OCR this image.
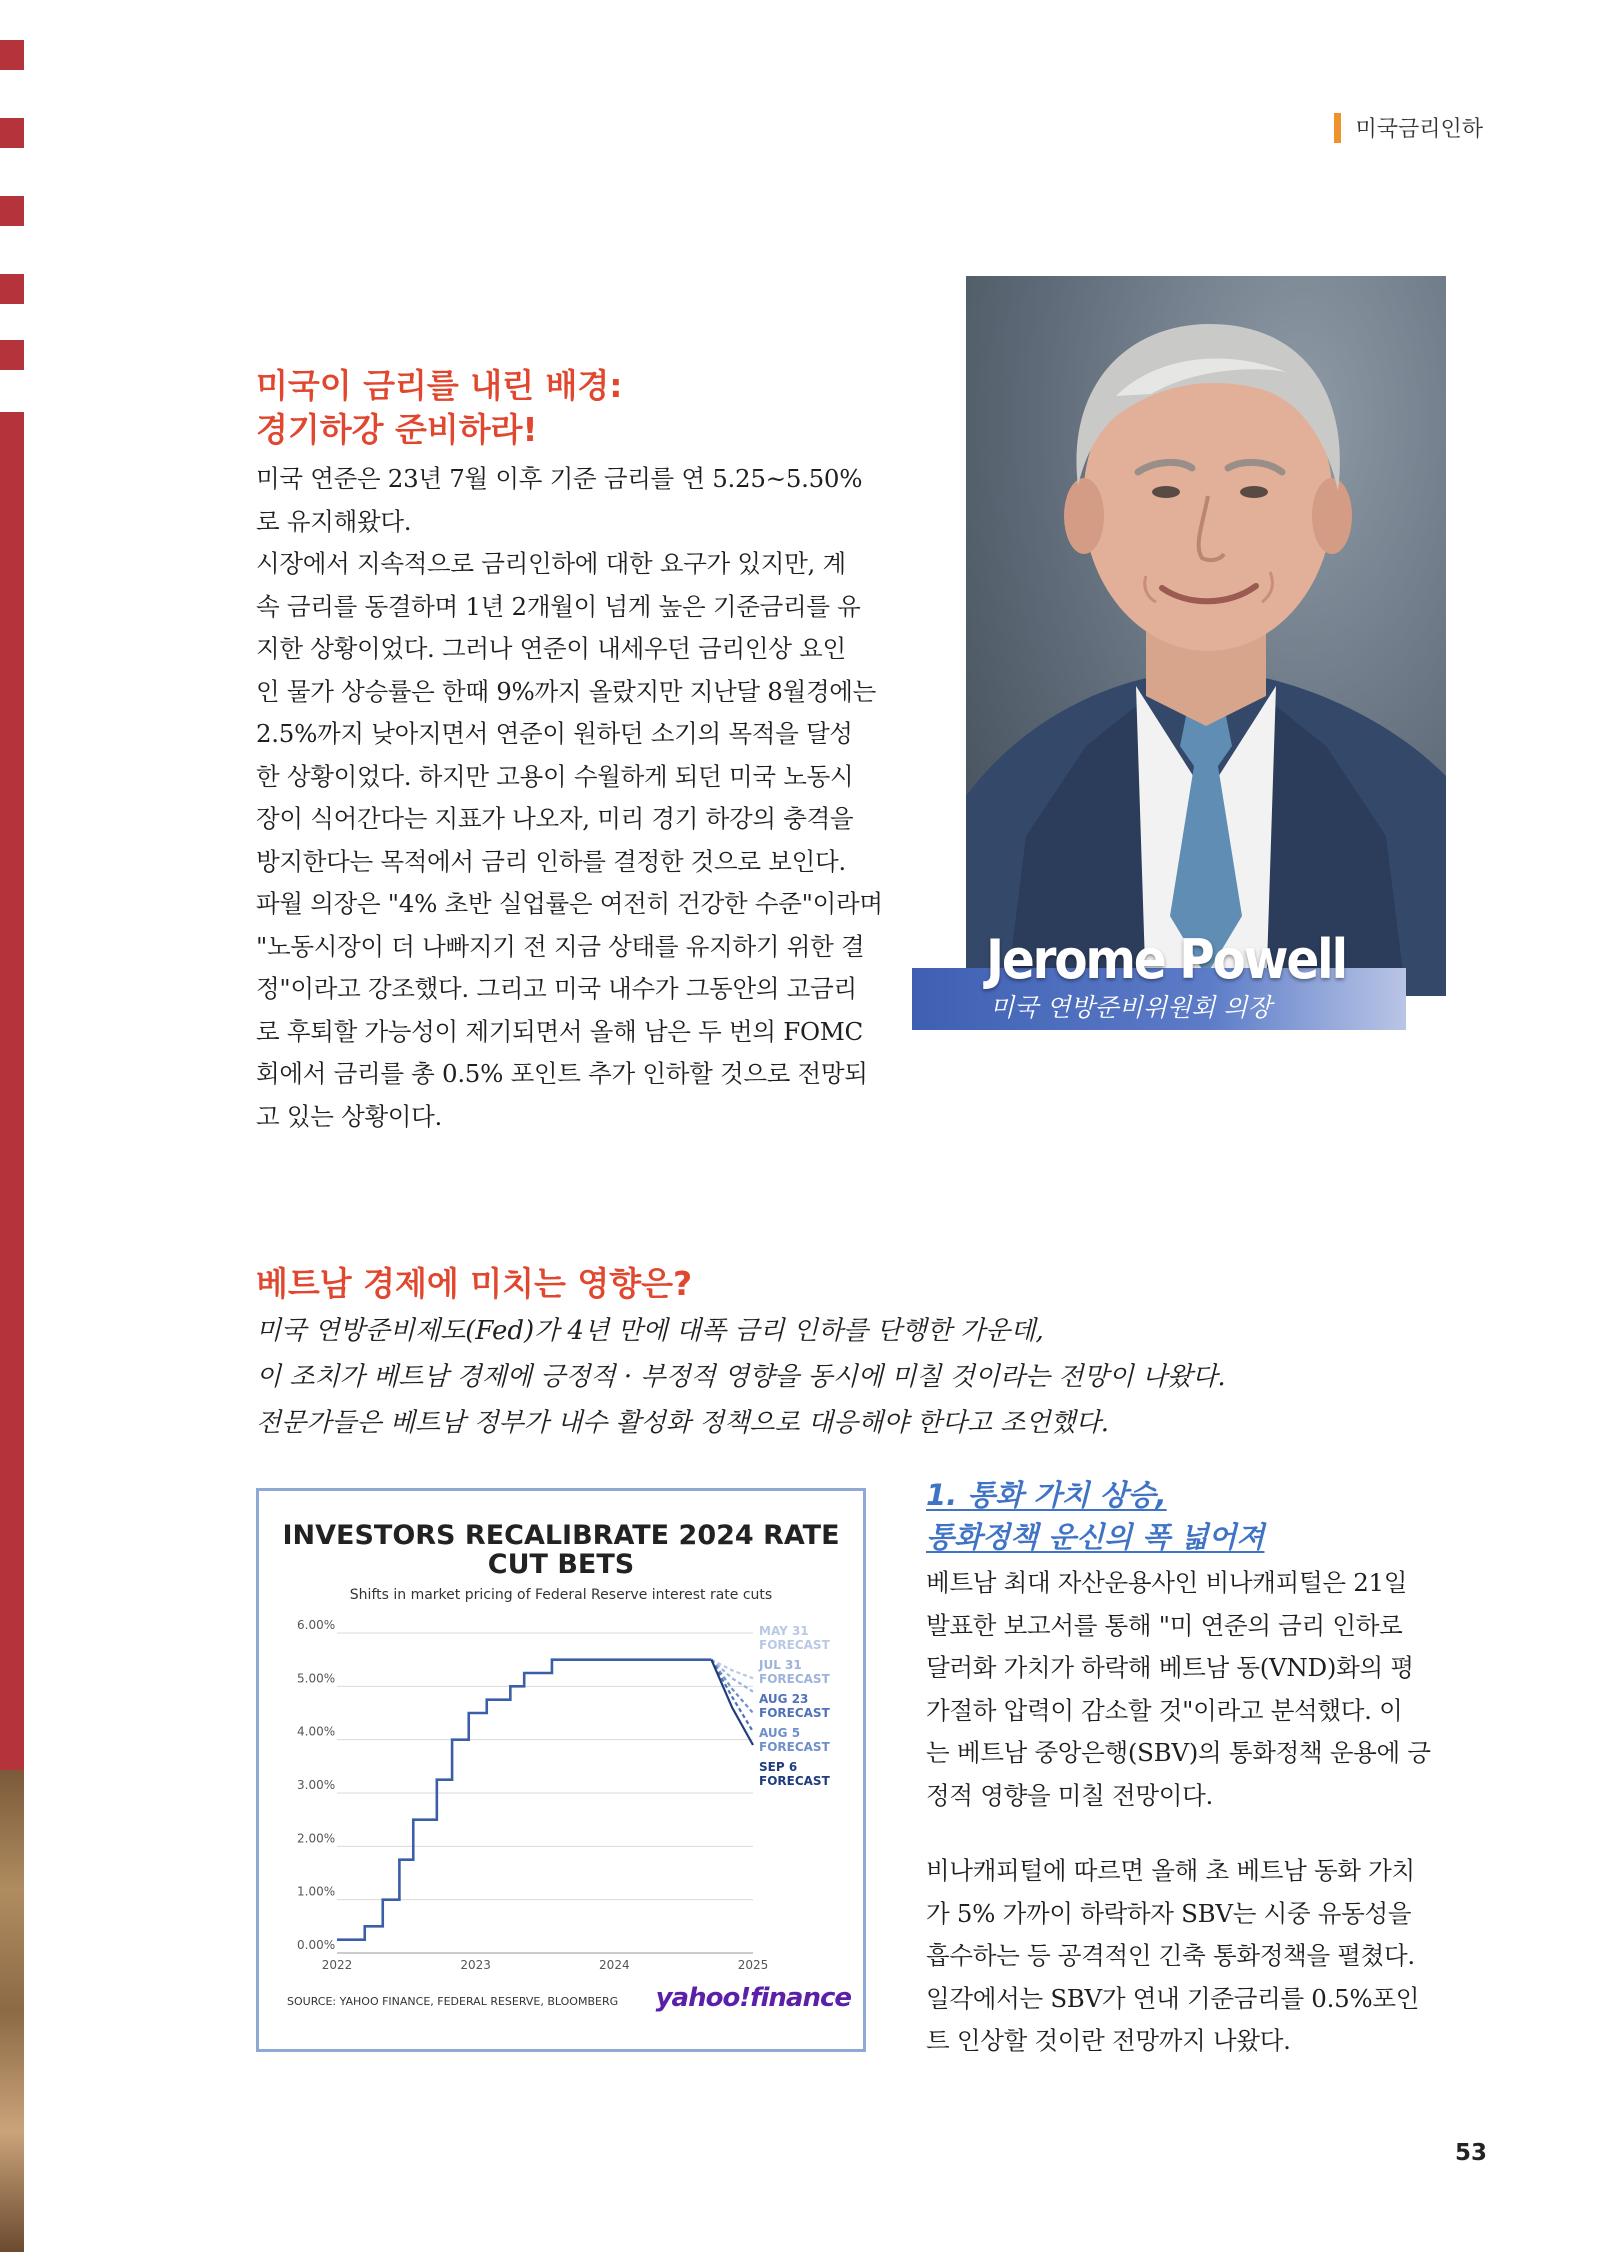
미국금리인하
미국이 금리를 내린 배경:
경기하강 준비하라!
미국 연준은 23년 7월 이후 기준 금리를 연 5.25~5.50%
로 유지해왔다.
시장에서 지속적으로 금리인하에 대한 요구가 있지만, 계
속 금리를 동결하며 1년 2개월이 넘게 높은 기준금리를 유
지한 상황이었다. 그러나 연준이 내세우던 금리인상 요인
인 물가 상승률은 한때 9%까지 올랐지만 지난달 8월경에는
2.5%까지 낮아지면서 연준이 원하던 소기의 목적을 달성
한 상황이었다. 하지만 고용이 수월하게 되던 미국 노동시
장이 식어간다는 지표가 나오자, 미리 경기 하강의 충격을
방지한다는 목적에서 금리 인하를 결정한 것으로 보인다.
파월 의장은 "4% 초반 실업률은 여전히 건강한 수준"이라며
"노동시장이 더 나빠지기 전 지금 상태를 유지하기 위한 결
정"이라고 강조했다. 그리고 미국 내수가 그동안의 고금리
로 후퇴할 가능성이 제기되면서 올해 남은 두 번의 FOMC
회에서 금리를 총 0.5% 포인트 추가 인하할 것으로 전망되
고 있는 상황이다.
Jerome Powell
미국 연방준비위원회 의장
베트남 경제에 미치는 영향은?

미국 연방준비제도(Fed)가 4년 만에 대폭 금리 인하를 단행한 가운데,

이 조치가 베트남 경제에 긍정적 · 부정적 영향을 동시에 미칠 것이라는 전망이 나왔다.

전문가들은 베트남 정부가 내수 활성화 정책으로 대응해야 한다고 조언했다.

INVESTORS RECALIBRATE 2024 RATE CUT BETS
Shifts in market pricing of Federal Reserve interest rate cuts
0.00%
1.00%
2.00%
3.00%
4.00%
5.00%
6.00%
2022	2023	2024	2025
MAY 31
FORECAST
JUL 31
FORECAST
AUG 23
FORECAST
AUG 5
FORECAST
SEP 6
FORECAST
SOURCE: YAHOO FINANCE, FEDERAL RESERVE, BLOOMBERG yahoo!finance
1. 통화 가치 상승,
통화정책 운신의 폭 넓어져
베트남 최대 자산운용사인 비나캐피털은 21일
발표한 보고서를 통해 "미 연준의 금리 인하로
달러화 가치가 하락해 베트남 동(VND)화의 평
가절하 압력이 감소할 것"이라고 분석했다. 이
는 베트남 중앙은행(SBV)의 통화정책 운용에 긍
정적 영향을 미칠 전망이다.
비나캐피털에 따르면 올해 초 베트남 동화 가치
가 5% 가까이 하락하자 SBV는 시중 유동성을
흡수하는 등 공격적인 긴축 통화정책을 펼쳤다.
일각에서는 SBV가 연내 기준금리를 0.5%포인
트 인상할 것이란 전망까지 나왔다.
53
